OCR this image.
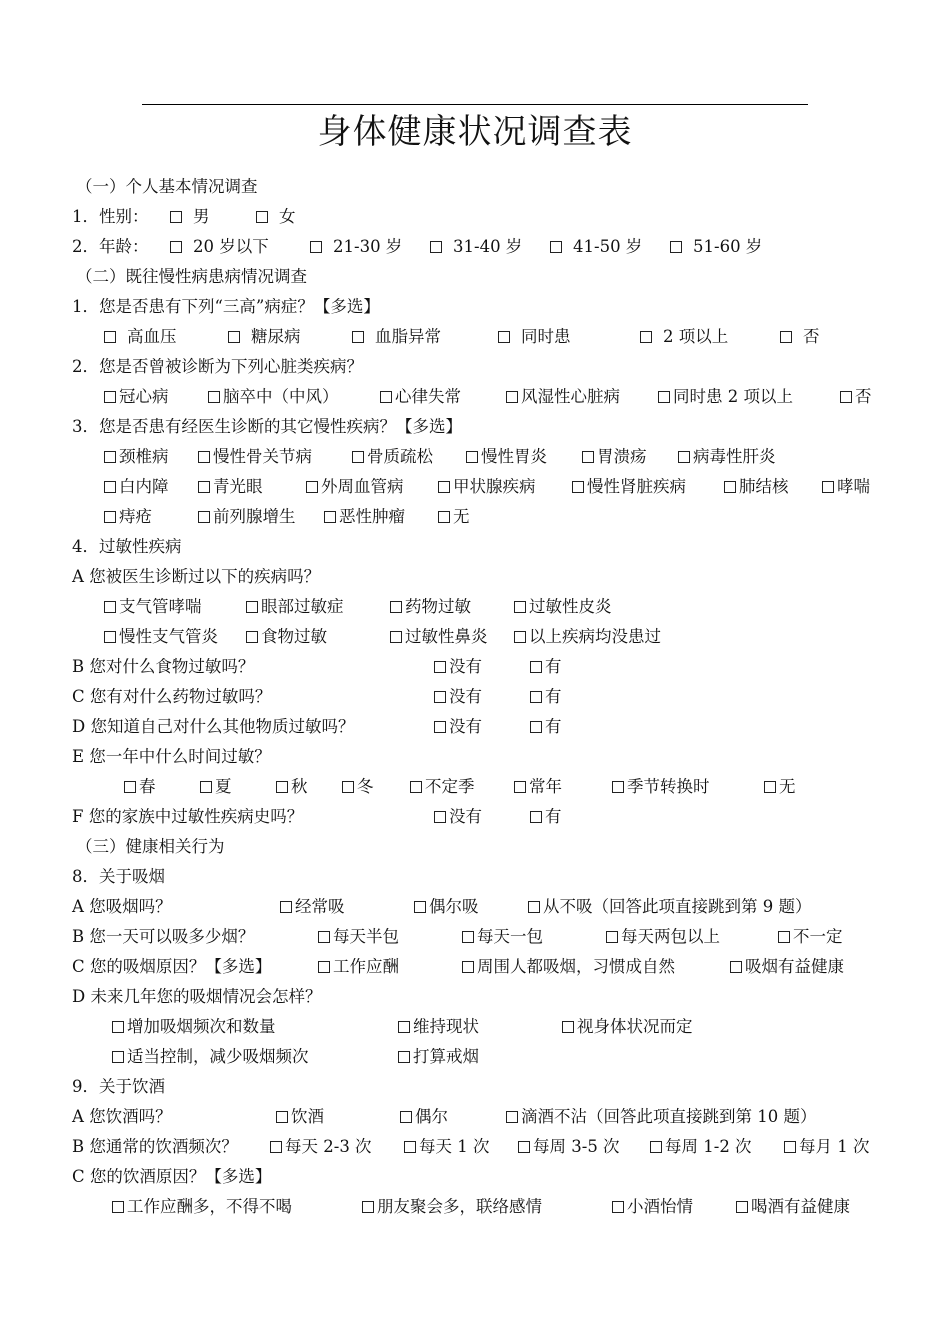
身体健康状况调查表
（一）个人基本情况调查
1．性别：	男	女
2．年龄：	20 岁以下	21-30 岁	31-40 岁	41-50 岁	51-60 岁
（二）既往慢性病患病情况调查
1．您是否患有下列“三高”病症？【多选】
高血压	糖尿病	血脂异常	同时患	2 项以上	否
2．您是否曾被诊断为下列心脏类疾病？
冠心病	脑卒中（中风）	心律失常	风湿性心脏病	同时患 2 项以上	否
3．您是否患有经医生诊断的其它慢性疾病？【多选】
颈椎病	慢性骨关节病	骨质疏松	慢性胃炎	胃溃疡	病毒性肝炎
白内障	青光眼	外周血管病	甲状腺疾病	慢性肾脏疾病	肺结核	哮喘
痔疮	前列腺增生	恶性肿瘤	无
4．过敏性疾病
A 您被医生诊断过以下的疾病吗？
支气管哮喘	眼部过敏症	药物过敏	过敏性皮炎
慢性支气管炎	食物过敏	过敏性鼻炎	以上疾病均没患过
B 您对什么食物过敏吗？	没有	有
C 您有对什么药物过敏吗？	没有	有
D 您知道自己对什么其他物质过敏吗？	没有	有
E 您一年中什么时间过敏？
春	夏	秋	冬	不定季	常年	季节转换时	无
F 您的家族中过敏性疾病史吗？	没有	有
（三）健康相关行为
8．关于吸烟
A 您吸烟吗？	经常吸	偶尔吸	从不吸（回答此项直接跳到第 9 题）
B 您一天可以吸多少烟？	每天半包	每天一包	每天两包以上	不一定
C 您的吸烟原因？【多选】	工作应酬	周围人都吸烟，习惯成自然	吸烟有益健康
D 未来几年您的吸烟情况会怎样？
增加吸烟频次和数量	维持现状	视身体状况而定
适当控制，减少吸烟频次	打算戒烟
9．关于饮酒
A 您饮酒吗？	饮酒	偶尔	滴酒不沾（回答此项直接跳到第 10 题）
B 您通常的饮酒频次？	每天 2-3 次	每天 1 次	每周 3-5 次	每周 1-2 次	每月 1 次
C 您的饮酒原因？【多选】
工作应酬多，不得不喝	朋友聚会多，联络感情	小酒怡情	喝酒有益健康
